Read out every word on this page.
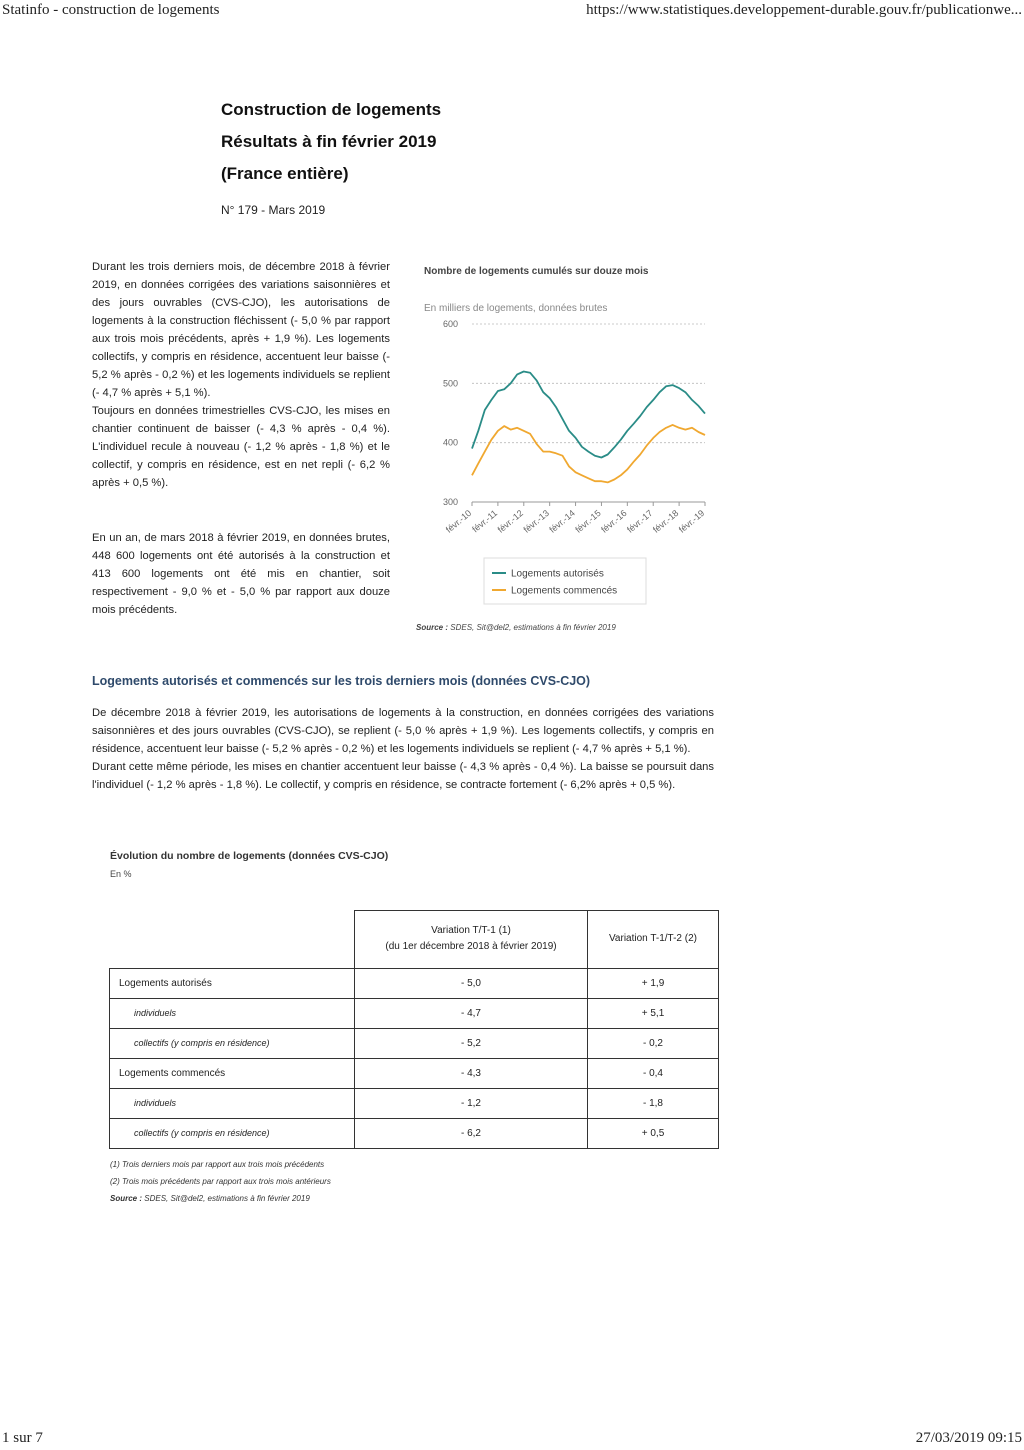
Statinfo - construction de logements	https://www.statistiques.developpement-durable.gouv.fr/publicationwe...
Construction de logements
Résultats à fin février 2019
(France entière)
N° 179 - Mars 2019

Durant les trois derniers mois, de décembre 2018 à février 2019, en données corrigées des variations saisonnières et des jours ouvrables (CVS-CJO), les autorisations de logements à la construction fléchissent (- 5,0 % par rapport aux trois mois précédents, après + 1,9 %). Les logements collectifs, y compris en résidence, accentuent leur baisse (- 5,2 % après - 0,2 %) et les logements individuels se replient (- 4,7 % après + 5,1 %).

Toujours en données trimestrielles CVS-CJO, les mises en chantier continuent de baisser (- 4,3 % après - 0,4 %). L'individuel recule à nouveau (- 1,2 % après - 1,8 %) et le collectif, y compris en résidence, est en net repli (- 6,2 % après + 0,5 %).

En un an, de mars 2018 à février 2019, en données brutes, 448 600 logements ont été autorisés à la construction et 413 600 logements ont été mis en chantier, soit respectivement - 9,0 % et - 5,0 % par rapport aux douze mois précédents.

Nombre de logements cumulés sur douze mois
En milliers de logements, données brutes
300
400
500
600
févr.-10
févr.-11
févr.-12
févr.-13
févr.-14
févr.-15
févr.-16
févr.-17
févr.-18
févr.-19
Logements autorisés
Logements commencés
Source : SDES, Sit@del2, estimations à fin février 2019
Logements autorisés et commencés sur les trois derniers mois (données CVS-CJO)

De décembre 2018 à février 2019, les autorisations de logements à la construction, en données corrigées des variations saisonnières et des jours ouvrables (CVS-CJO), se replient (- 5,0 % après + 1,9 %). Les logements collectifs, y compris en résidence, accentuent leur baisse (- 5,2 % après - 0,2 %) et les logements individuels se replient (- 4,7 % après + 5,1 %).

Durant cette même période, les mises en chantier accentuent leur baisse (- 4,3 % après - 0,4 %). La baisse se poursuit dans l'individuel (- 1,2 % après - 1,8 %). Le collectif, y compris en résidence, se contracte fortement (- 6,2% après + 0,5 %).

Évolution du nombre de logements (données CVS-CJO)
En %

	Variation T/T-1 (1)
(du 1er décembre 2018 à février 2019)	Variation T-1/T-2 (2)
Logements autorisés	- 5,0	+ 1,9
individuels	- 4,7	+ 5,1
collectifs (y compris en résidence)	- 5,2	- 0,2
Logements commencés	- 4,3	- 0,4
individuels	- 1,2	- 1,8
collectifs (y compris en résidence)	- 6,2	+ 0,5
(1) Trois derniers mois par rapport aux trois mois précédents
(2) Trois mois précédents par rapport aux trois mois antérieurs
Source : SDES, Sit@del2, estimations à fin février 2019
1 sur 7	27/03/2019 09:15
